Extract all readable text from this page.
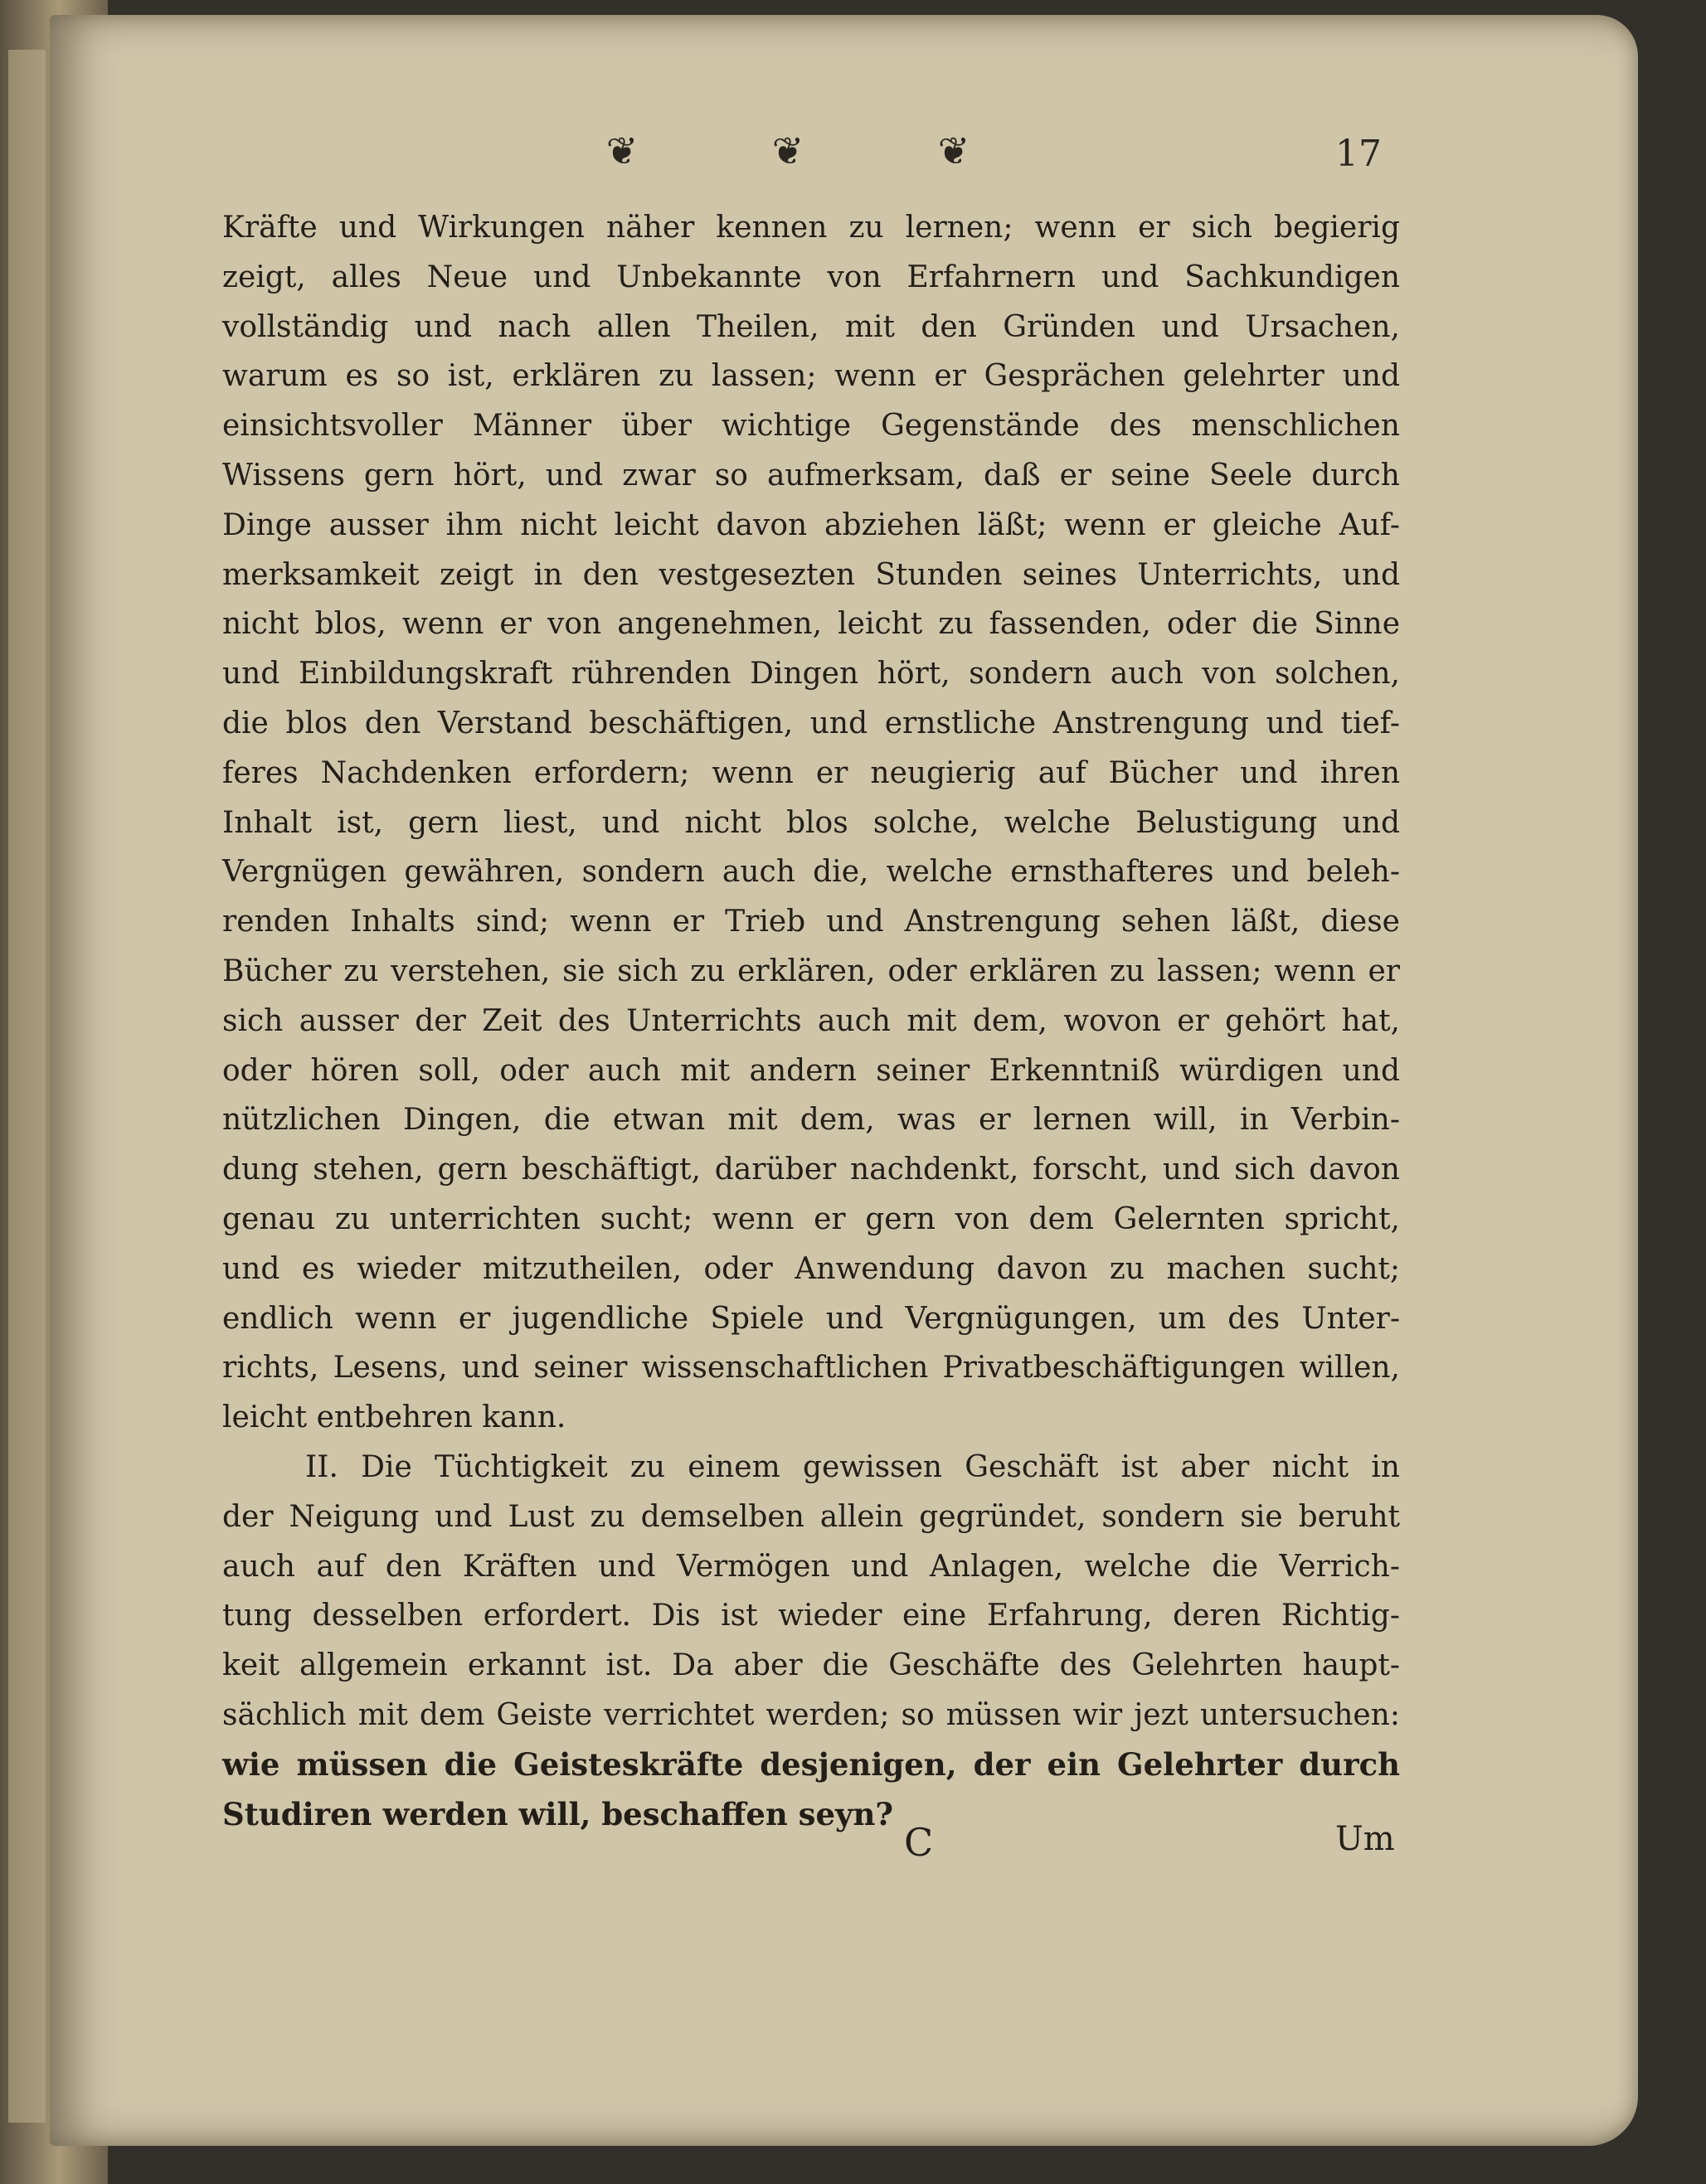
❦	❦	❦	17
Kräfte und Wirkungen näher kennen zu lernen; wenn er sich begierig
zeigt, alles Neue und Unbekannte von Erfahrnern und Sachkundigen
vollständig und nach allen Theilen, mit den Gründen und Ursachen,
warum es so ist, erklären zu lassen; wenn er Gesprächen gelehrter und
einsichtsvoller Männer über wichtige Gegenstände des menschlichen
Wissens gern hört, und zwar so aufmerksam, daß er seine Seele durch
Dinge ausser ihm nicht leicht davon abziehen läßt; wenn er gleiche Auf-
merksamkeit zeigt in den vestgesezten Stunden seines Unterrichts, und
nicht blos, wenn er von angenehmen, leicht zu fassenden, oder die Sinne
und Einbildungskraft rührenden Dingen hört, sondern auch von solchen,
die blos den Verstand beschäftigen, und ernstliche Anstrengung und tief-
feres Nachdenken erfordern; wenn er neugierig auf Bücher und ihren
Inhalt ist, gern liest, und nicht blos solche, welche Belustigung und
Vergnügen gewähren, sondern auch die, welche ernsthafteres und beleh-
renden Inhalts sind; wenn er Trieb und Anstrengung sehen läßt, diese
Bücher zu verstehen, sie sich zu erklären, oder erklären zu lassen; wenn er
sich ausser der Zeit des Unterrichts auch mit dem, wovon er gehört hat,
oder hören soll, oder auch mit andern seiner Erkenntniß würdigen und
nützlichen Dingen, die etwan mit dem, was er lernen will, in Verbin-
dung stehen, gern beschäftigt, darüber nachdenkt, forscht, und sich davon
genau zu unterrichten sucht; wenn er gern von dem Gelernten spricht,
und es wieder mitzutheilen, oder Anwendung davon zu machen sucht;
endlich wenn er jugendliche Spiele und Vergnügungen, um des Unter-
richts, Lesens, und seiner wissenschaftlichen Privatbeschäftigungen willen,
leicht entbehren kann.
II. Die Tüchtigkeit zu einem gewissen Geschäft ist aber nicht in
der Neigung und Lust zu demselben allein gegründet, sondern sie beruht
auch auf den Kräften und Vermögen und Anlagen, welche die Verrich-
tung desselben erfordert. Dis ist wieder eine Erfahrung, deren Richtig-
keit allgemein erkannt ist. Da aber die Geschäfte des Gelehrten haupt-
sächlich mit dem Geiste verrichtet werden; so müssen wir jezt untersuchen:
wie müssen die Geisteskräfte desjenigen, der ein Gelehrter durch
Studiren werden will, beschaffen seyn?
C	Um
